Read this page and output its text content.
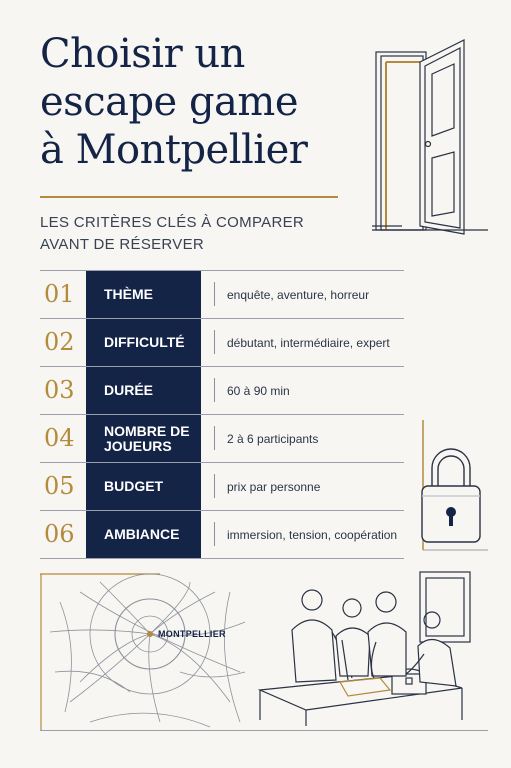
Choisir un
escape game
à Montpellier
LES CRITÈRES CLÉS À COMPARER
AVANT DE RÉSERVER
01	THÈME	enquête, aventure, horreur
02	DIFFICULTÉ	débutant, intermédiaire, expert
03	DURÉE	60 à 90 min
04	NOMBRE DE JOUEURS	2 à 6 participants
05	BUDGET	prix par personne
06	AMBIANCE	immersion, tension, coopération
MONTPELLIER
